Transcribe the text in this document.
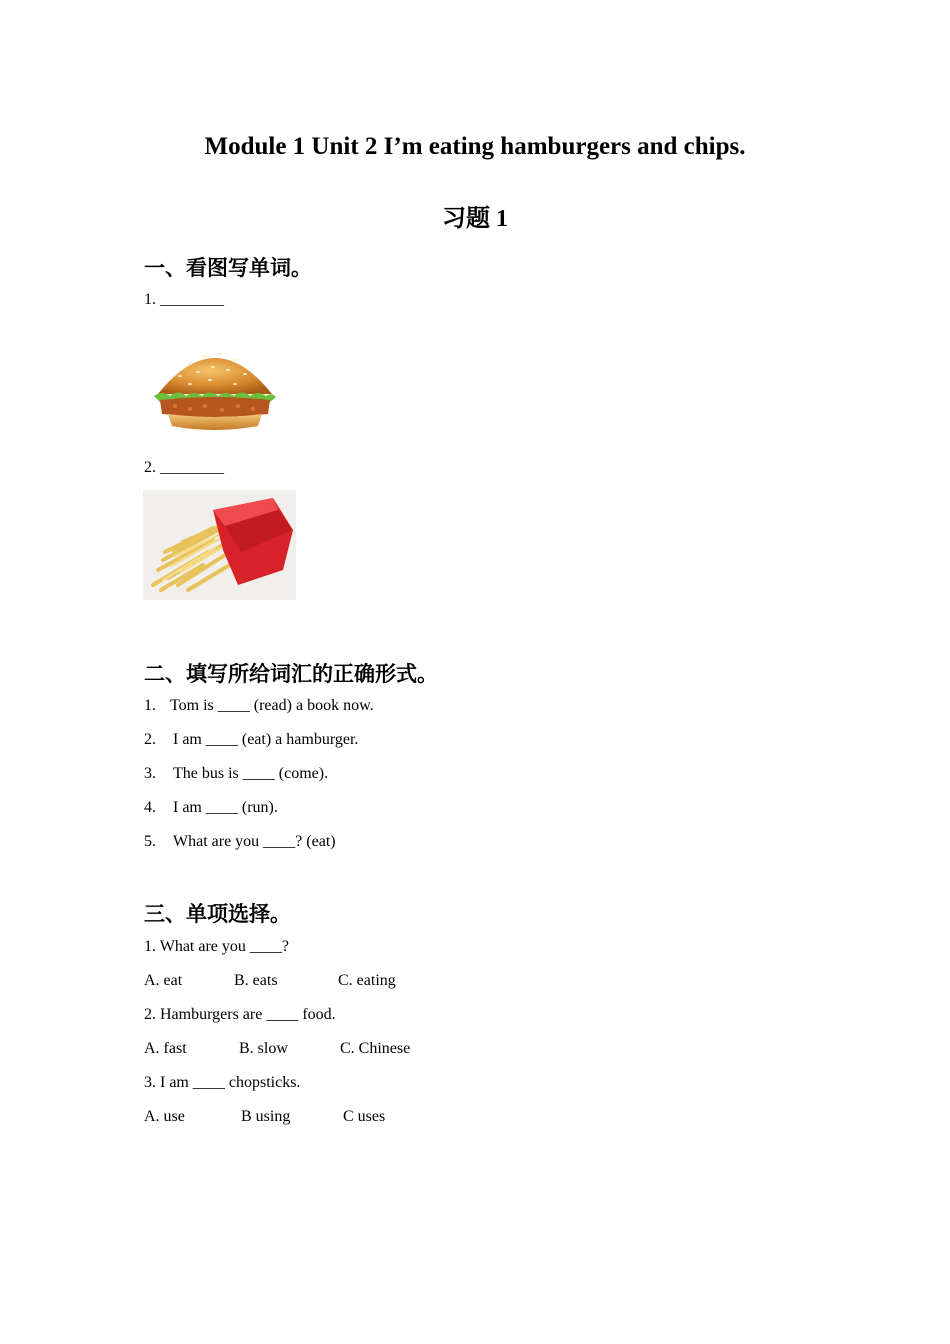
Module 1 Unit 2 I’m eating hamburgers and chips.
习题 1
一、看图写单词。
1. ________
2. ________
二、填写所给词汇的正确形式。
1. Tom is ____ (read) a book now.
2. I am ____ (eat) a hamburger.
3. The bus is ____ (come).
4. I am ____ (run).
5. What are you ____? (eat)
三、单项选择。
1. What are you ____?
A. eat	B. eats	C. eating
2. Hamburgers are ____ food.
A. fast	B. slow	C. Chinese
3. I am ____ chopsticks.
A. use	B using	C uses
